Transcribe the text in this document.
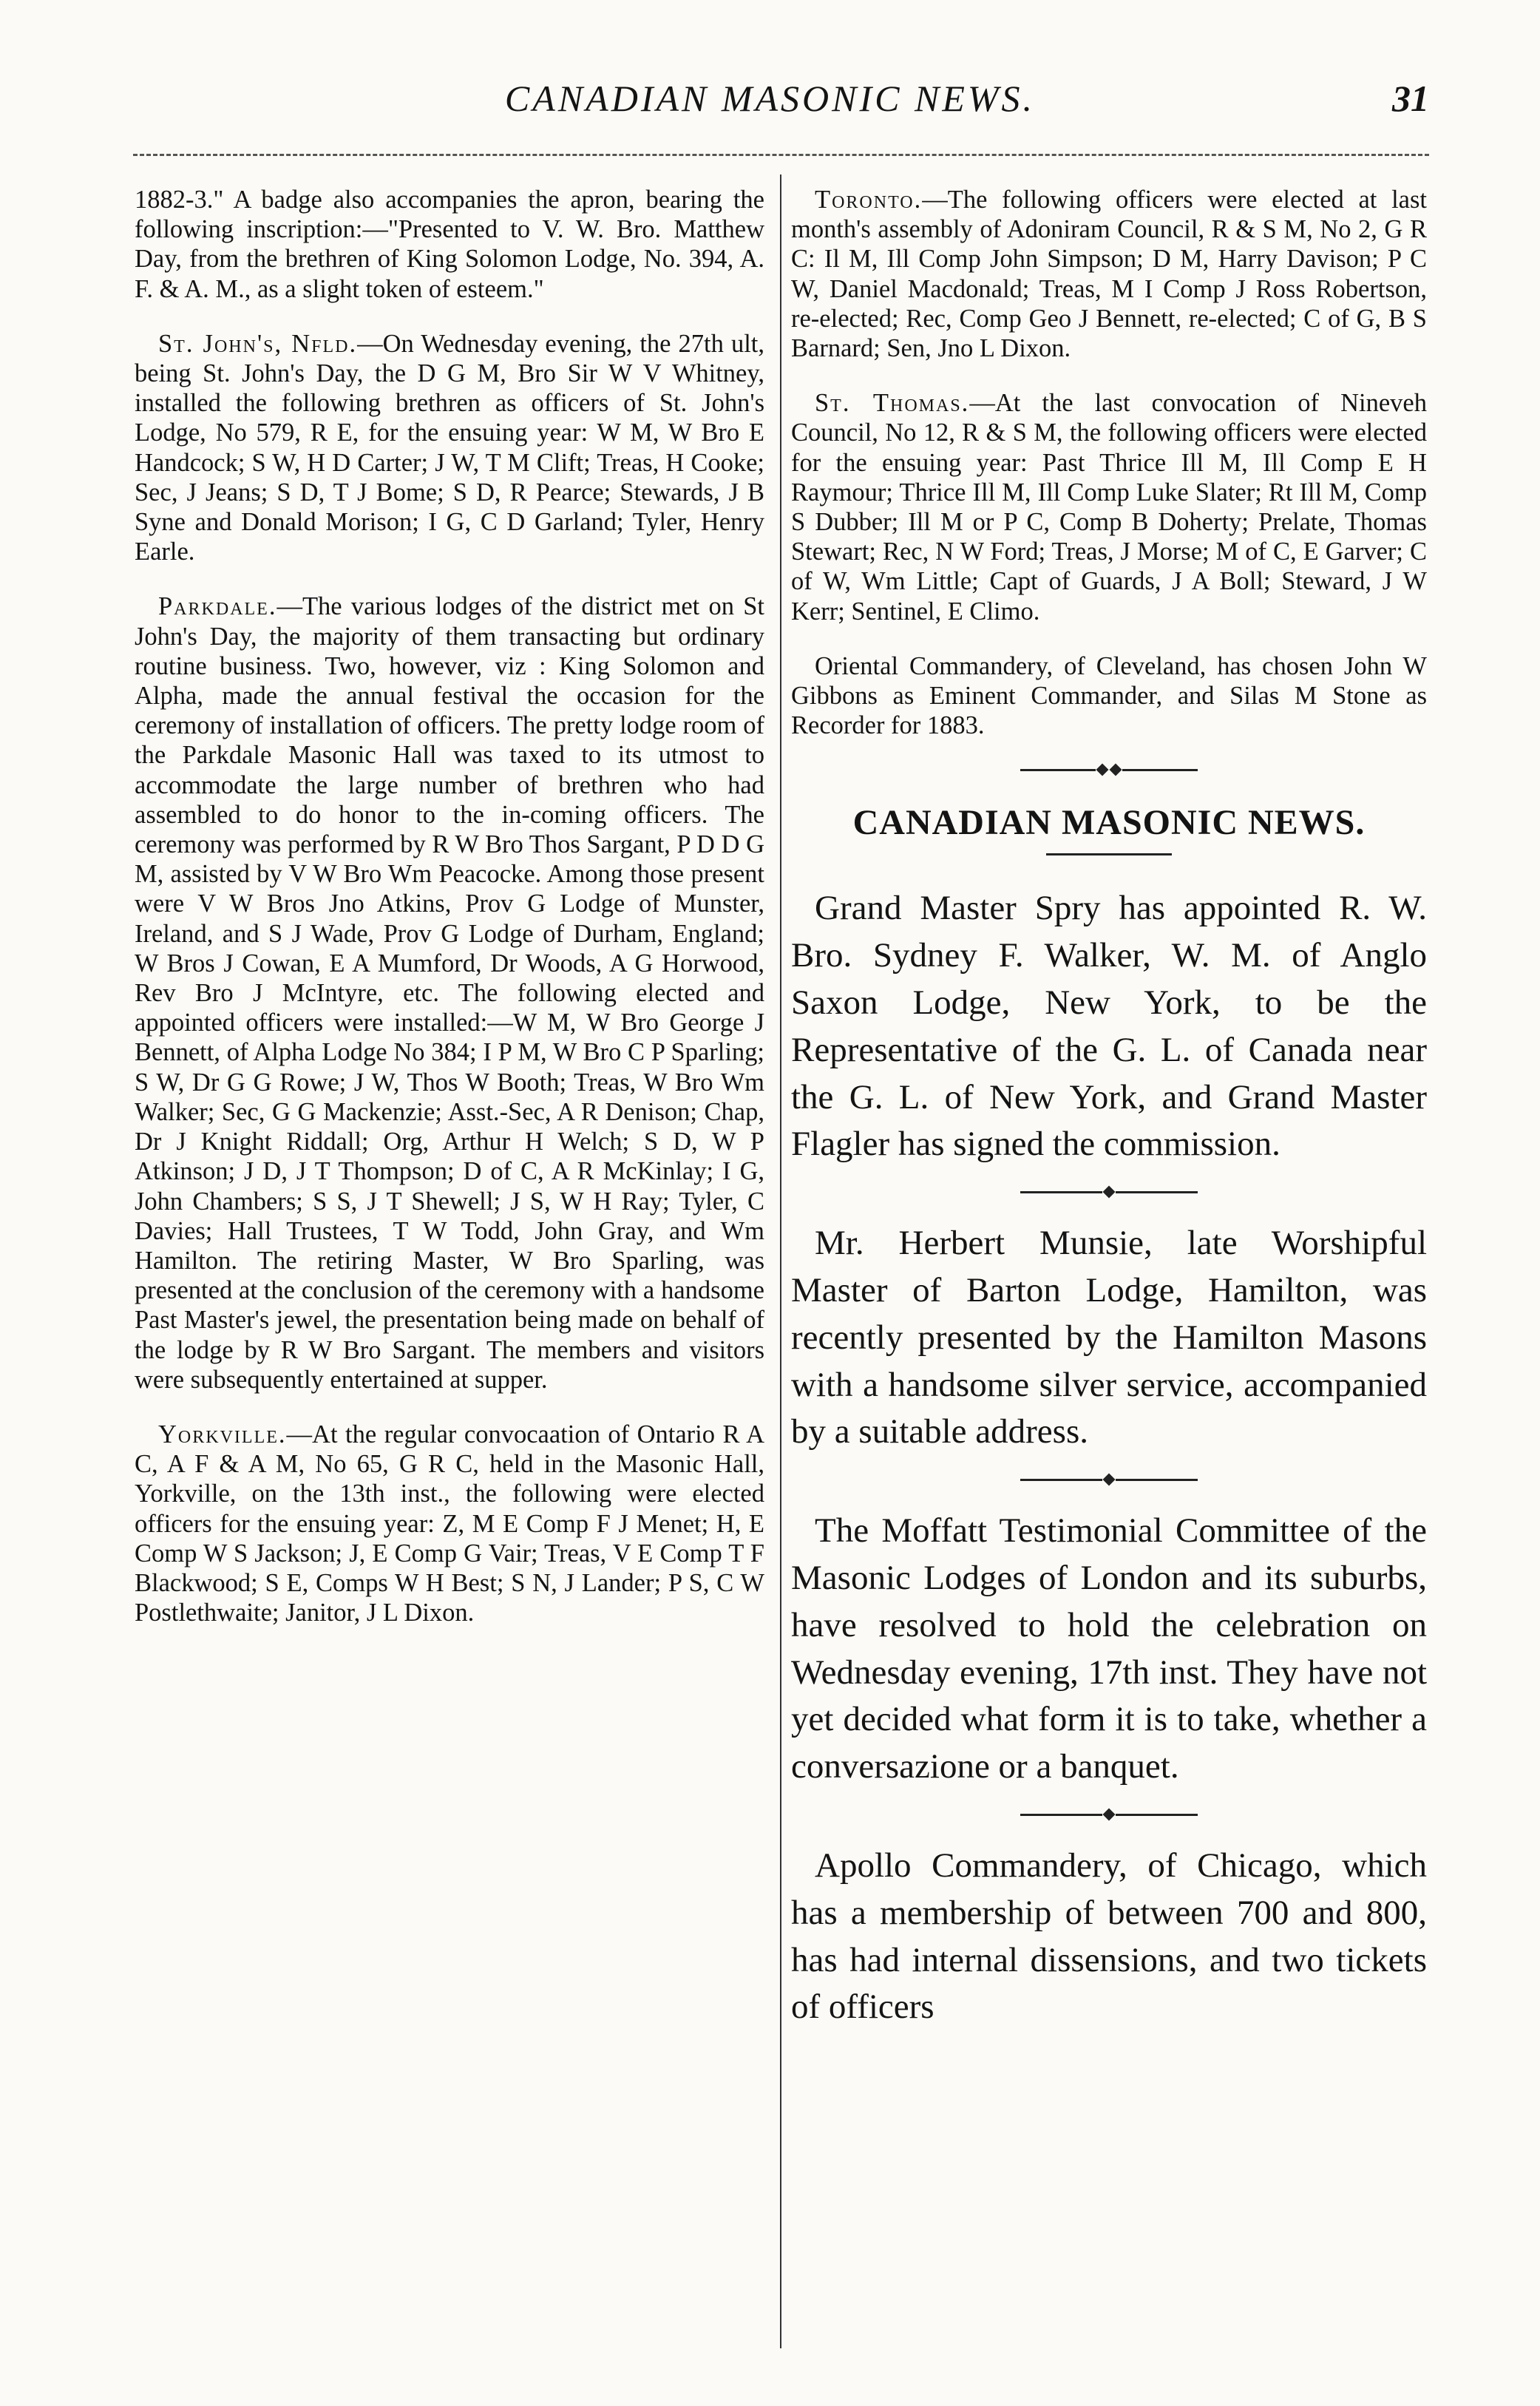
CANADIAN MASONIC NEWS.	31

1882-3." A badge also accompanies the apron, bearing the following inscription:—"Presented to V. W. Bro. Matthew Day, from the brethren of King Solomon Lodge, No. 394, A. F. & A. M., as a slight token of esteem."

St. John's, Nfld.—On Wednesday evening, the 27th ult, being St. John's Day, the D G M, Bro Sir W V Whitney, installed the following brethren as officers of St. John's Lodge, No 579, R E, for the ensuing year: W M, W Bro E Handcock; S W, H D Carter; J W, T M Clift; Treas, H Cooke; Sec, J Jeans; S D, T J Bome; S D, R Pearce; Stewards, J B Syne and Donald Morison; I G, C D Garland; Tyler, Henry Earle.

Parkdale.—The various lodges of the district met on St John's Day, the majority of them transacting but ordinary routine business. Two, however, viz : King Solomon and Alpha, made the annual festival the occasion for the ceremony of installation of officers. The pretty lodge room of the Parkdale Masonic Hall was taxed to its utmost to accommodate the large number of brethren who had assembled to do honor to the in-coming officers. The ceremony was performed by R W Bro Thos Sargant, P D D G M, assisted by V W Bro Wm Peacocke. Among those present were V W Bros Jno Atkins, Prov G Lodge of Munster, Ireland, and S J Wade, Prov G Lodge of Durham, England; W Bros J Cowan, E A Mumford, Dr Woods, A G Horwood, Rev Bro J McIntyre, etc. The following elected and appointed officers were installed:—W M, W Bro George J Bennett, of Alpha Lodge No 384; I P M, W Bro C P Sparling; S W, Dr G G Rowe; J W, Thos W Booth; Treas, W Bro Wm Walker; Sec, G G Mackenzie; Asst.-Sec, A R Denison; Chap, Dr J Knight Riddall; Org, Arthur H Welch; S D, W P Atkinson; J D, J T Thompson; D of C, A R McKinlay; I G, John Chambers; S S, J T Shewell; J S, W H Ray; Tyler, C Davies; Hall Trustees, T W Todd, John Gray, and Wm Hamilton. The retiring Master, W Bro Sparling, was presented at the conclusion of the ceremony with a handsome Past Master's jewel, the presentation being made on behalf of the lodge by R W Bro Sargant. The members and visitors were subsequently entertained at supper.

Yorkville.—At the regular convocaation of Ontario R A C, A F & A M, No 65, G R C, held in the Masonic Hall, Yorkville, on the 13th inst., the following were elected officers for the ensuing year: Z, M E Comp F J Menet; H, E Comp W S Jackson; J, E Comp G Vair; Treas, V E Comp T F Blackwood; S E, Comps W H Best; S N, J Lander; P S, C W Postlethwaite; Janitor, J L Dixon.

Toronto.—The following officers were elected at last month's assembly of Adoniram Council, R & S M, No 2, G R C: Il M, Ill Comp John Simpson; D M, Harry Davison; P C W, Daniel Macdonald; Treas, M I Comp J Ross Robertson, re-elected; Rec, Comp Geo J Bennett, re-elected; C of G, B S Barnard; Sen, Jno L Dixon.

St. Thomas.—At the last convocation of Nineveh Council, No 12, R & S M, the following officers were elected for the ensuing year: Past Thrice Ill M, Ill Comp E H Raymour; Thrice Ill M, Ill Comp Luke Slater; Rt Ill M, Comp S Dubber; Ill M or P C, Comp B Doherty; Prelate, Thomas Stewart; Rec, N W Ford; Treas, J Morse; M of C, E Garver; C of W, Wm Little; Capt of Guards, J A Boll; Steward, J W Kerr; Sentinel, E Climo.

Oriental Commandery, of Cleveland, has chosen John W Gibbons as Eminent Commander, and Silas M Stone as Recorder for 1883.

CANADIAN MASONIC NEWS.

Grand Master Spry has appointed R. W. Bro. Sydney F. Walker, W. M. of Anglo Saxon Lodge, New York, to be the Representative of the G. L. of Canada near the G. L. of New York, and Grand Master Flagler has signed the commission.

Mr. Herbert Munsie, late Worshipful Master of Barton Lodge, Hamilton, was recently presented by the Hamilton Masons with a handsome silver service, accompanied by a suitable address.

The Moffatt Testimonial Committee of the Masonic Lodges of London and its suburbs, have resolved to hold the celebration on Wednesday evening, 17th inst. They have not yet decided what form it is to take, whether a conversazione or a banquet.

Apollo Commandery, of Chicago, which has a membership of between 700 and 800, has had internal dissensions, and two tickets of officers
